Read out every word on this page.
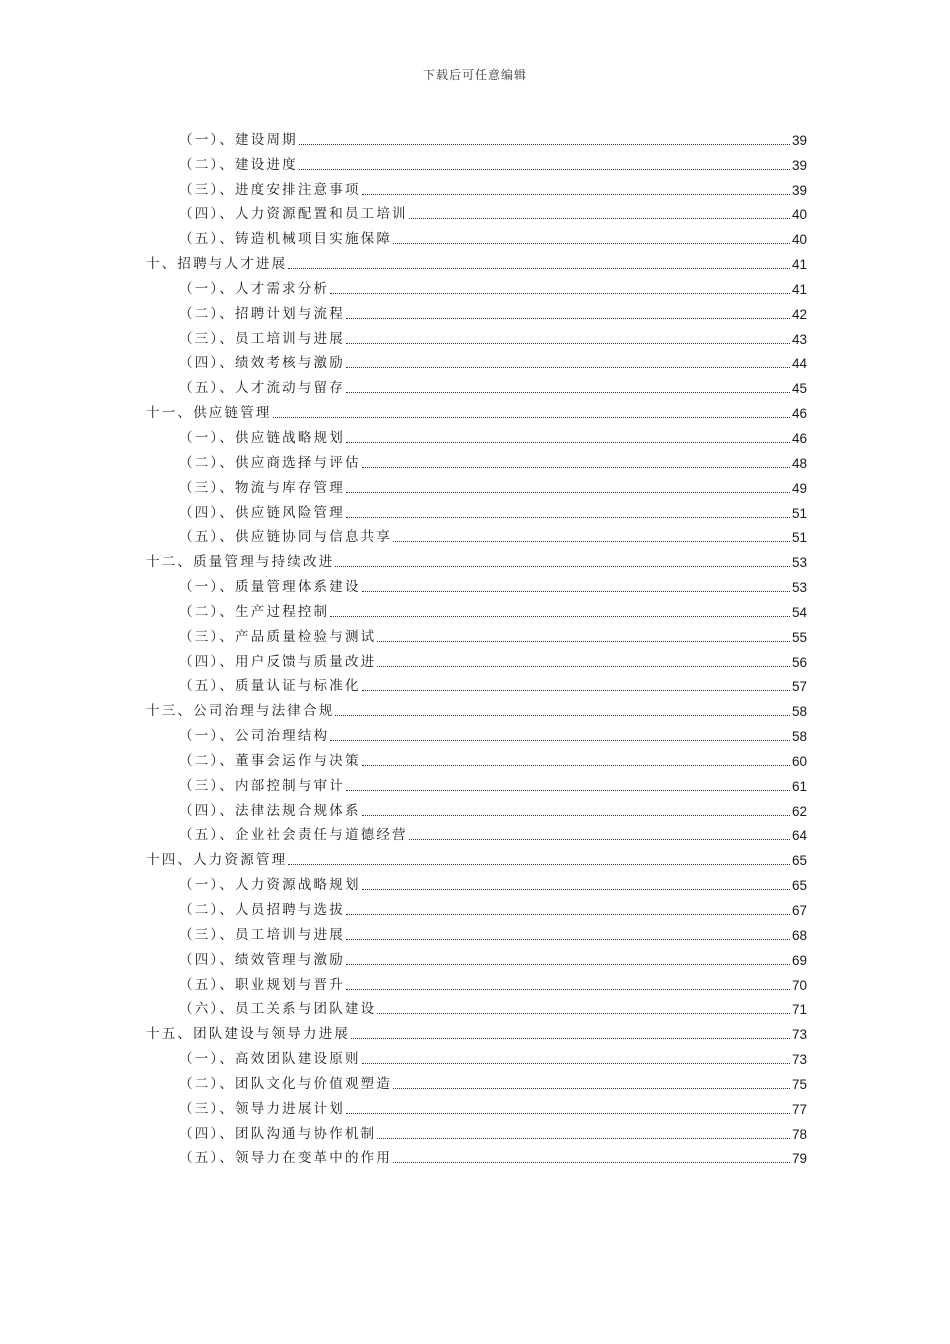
下载后可任意编辑
（一）、建设周期	39
（二）、建设进度	39
（三）、进度安排注意事项	39
（四）、人力资源配置和员工培训	40
（五）、铸造机械项目实施保障	40
十、招聘与人才进展	41
（一）、人才需求分析	41
（二）、招聘计划与流程	42
（三）、员工培训与进展	43
（四）、绩效考核与激励	44
（五）、人才流动与留存	45
十一、供应链管理	46
（一）、供应链战略规划	46
（二）、供应商选择与评估	48
（三）、物流与库存管理	49
（四）、供应链风险管理	51
（五）、供应链协同与信息共享	51
十二、质量管理与持续改进	53
（一）、质量管理体系建设	53
（二）、生产过程控制	54
（三）、产品质量检验与测试	55
（四）、用户反馈与质量改进	56
（五）、质量认证与标准化	57
十三、公司治理与法律合规	58
（一）、公司治理结构	58
（二）、董事会运作与决策	60
（三）、内部控制与审计	61
（四）、法律法规合规体系	62
（五）、企业社会责任与道德经营	64
十四、人力资源管理	65
（一）、人力资源战略规划	65
（二）、人员招聘与选拔	67
（三）、员工培训与进展	68
（四）、绩效管理与激励	69
（五）、职业规划与晋升	70
（六）、员工关系与团队建设	71
十五、团队建设与领导力进展	73
（一）、高效团队建设原则	73
（二）、团队文化与价值观塑造	75
（三）、领导力进展计划	77
（四）、团队沟通与协作机制	78
（五）、领导力在变革中的作用	79
